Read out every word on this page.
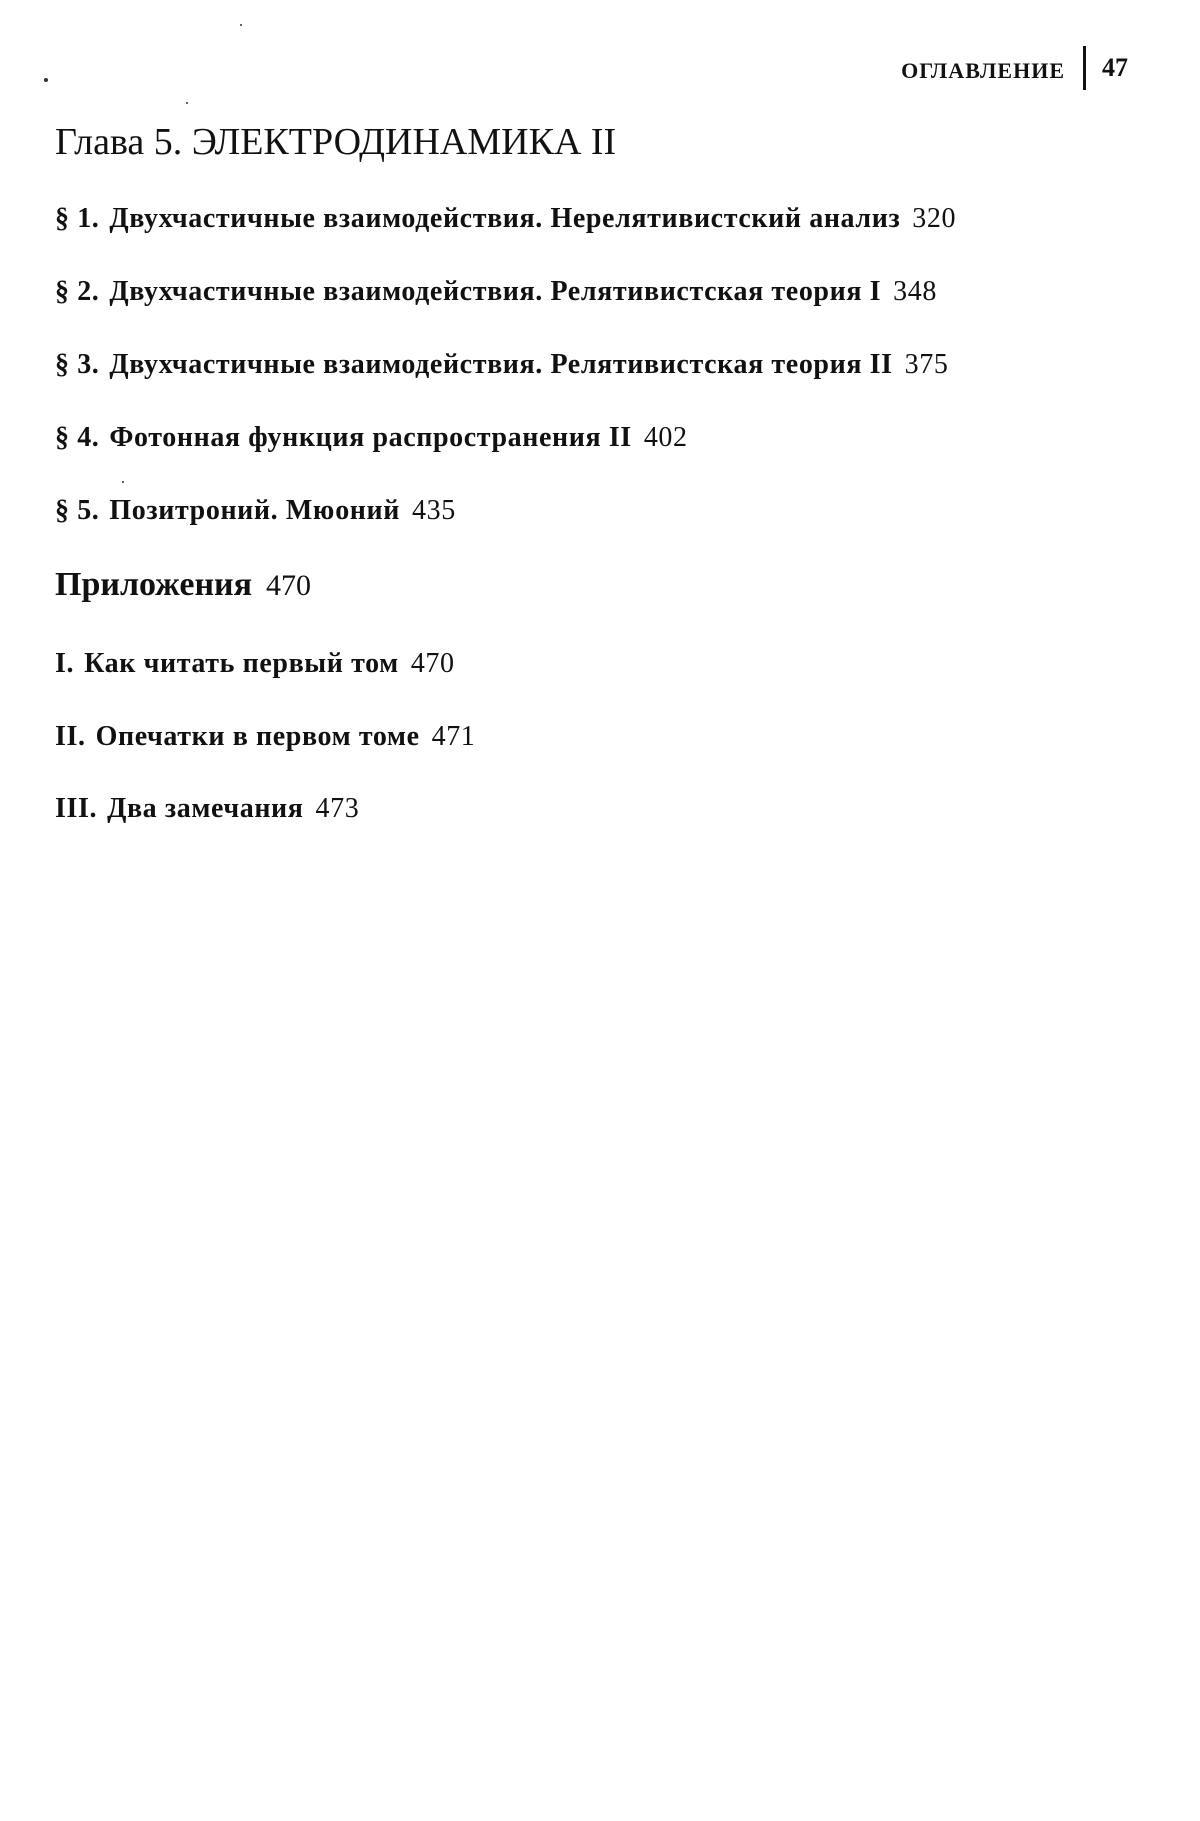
ОГЛАВЛЕНИЕ 47
Глава 5. ЭЛЕКТРОДИНАМИКА II
§ 1. Двухчастичные взаимодействия. Нерелятивистский анализ 320
§ 2. Двухчастичные взаимодействия. Релятивистская теория I 348
§ 3. Двухчастичные взаимодействия. Релятивистская теория II 375
§ 4. Фотонная функция распространения II 402
§ 5. Позитроний. Мюоний 435
Приложения 470
I. Как читать первый том 470
II. Опечатки в первом томе 471
III. Два замечания 473
